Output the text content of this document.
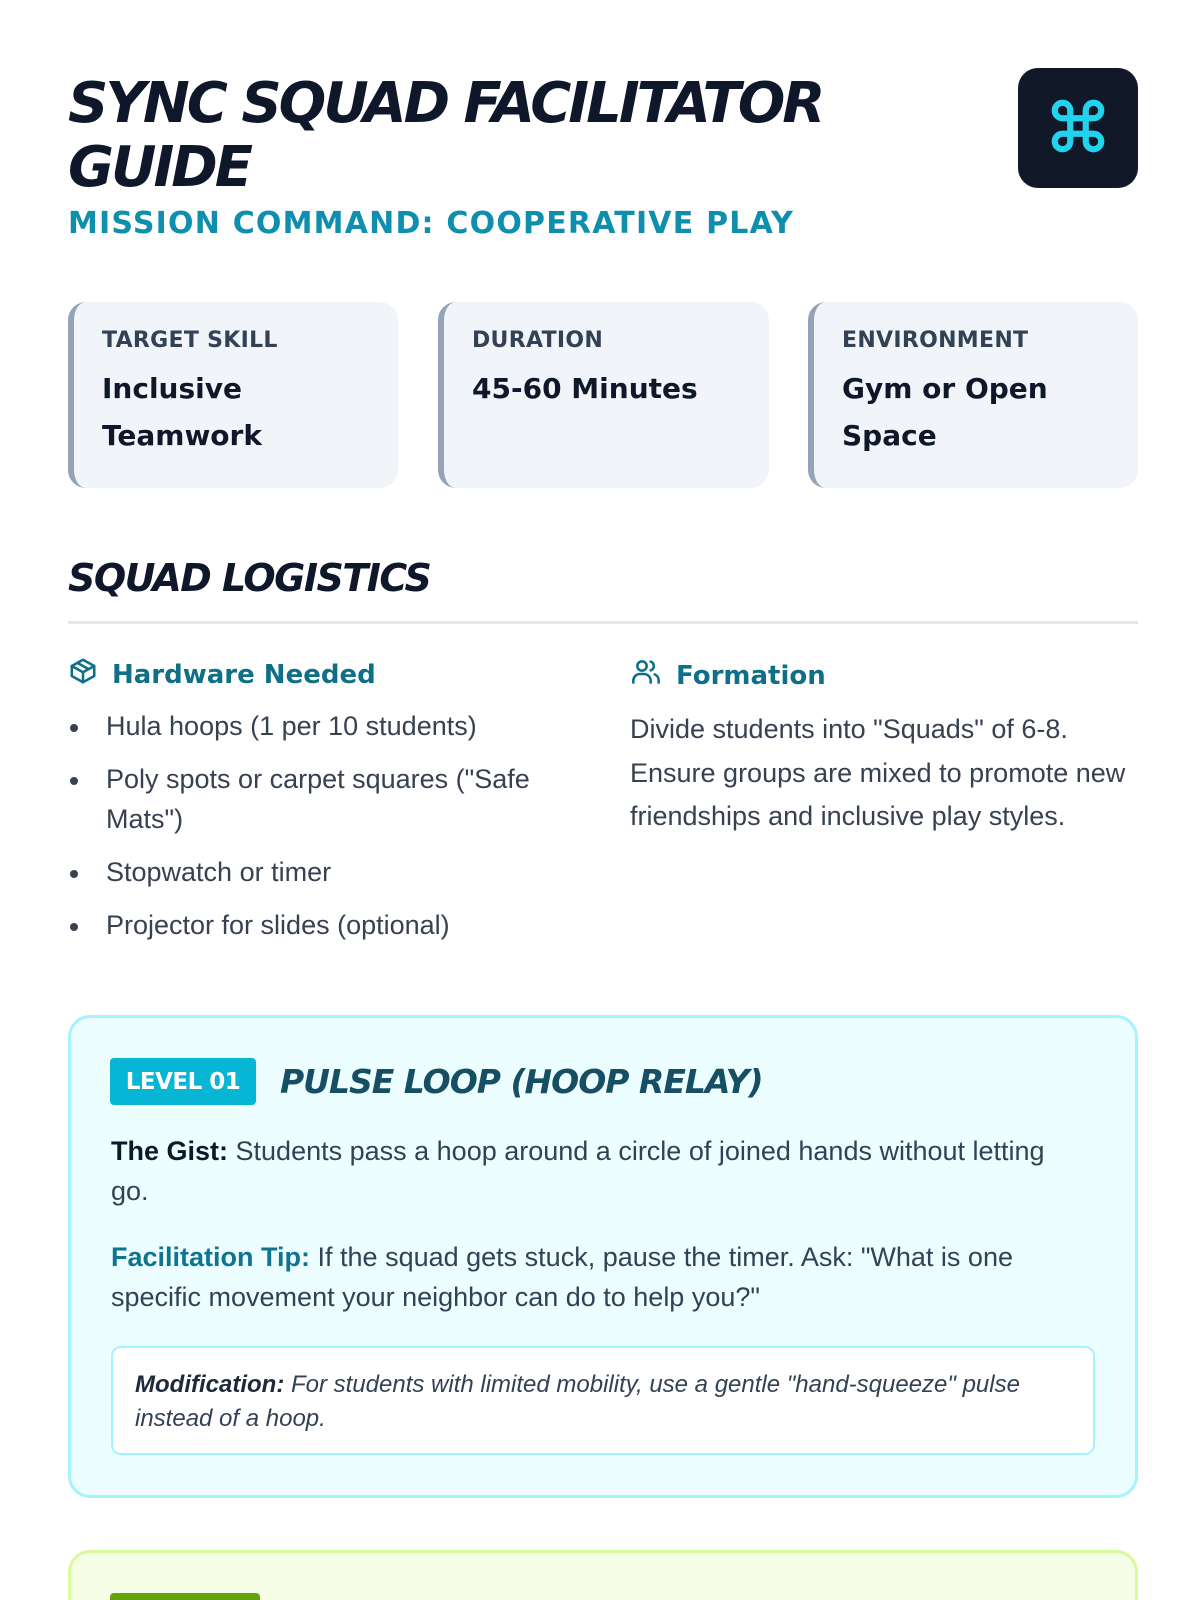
SYNC SQUAD FACILITATOR GUIDE
MISSION COMMAND: COOPERATIVE PLAY
TARGET SKILL
Inclusive Teamwork
DURATION
45-60 Minutes
ENVIRONMENT
Gym or Open Space
SQUAD LOGISTICS
Hardware Needed
Hula hoops (1 per 10 students)
Poly spots or carpet squares ("Safe Mats")
Stopwatch or timer
Projector for slides (optional)
Formation

Divide students into "Squads" of 6-8. Ensure groups are mixed to promote new friendships and inclusive play styles.

LEVEL 01	PULSE LOOP (HOOP RELAY)

The Gist: Students pass a hoop around a circle of joined hands without letting go.

Facilitation Tip: If the squad gets stuck, pause the timer. Ask: "What is one specific movement your neighbor can do to help you?"

Modification: For students with limited mobility, use a gentle "hand-squeeze" pulse instead of a hoop.
